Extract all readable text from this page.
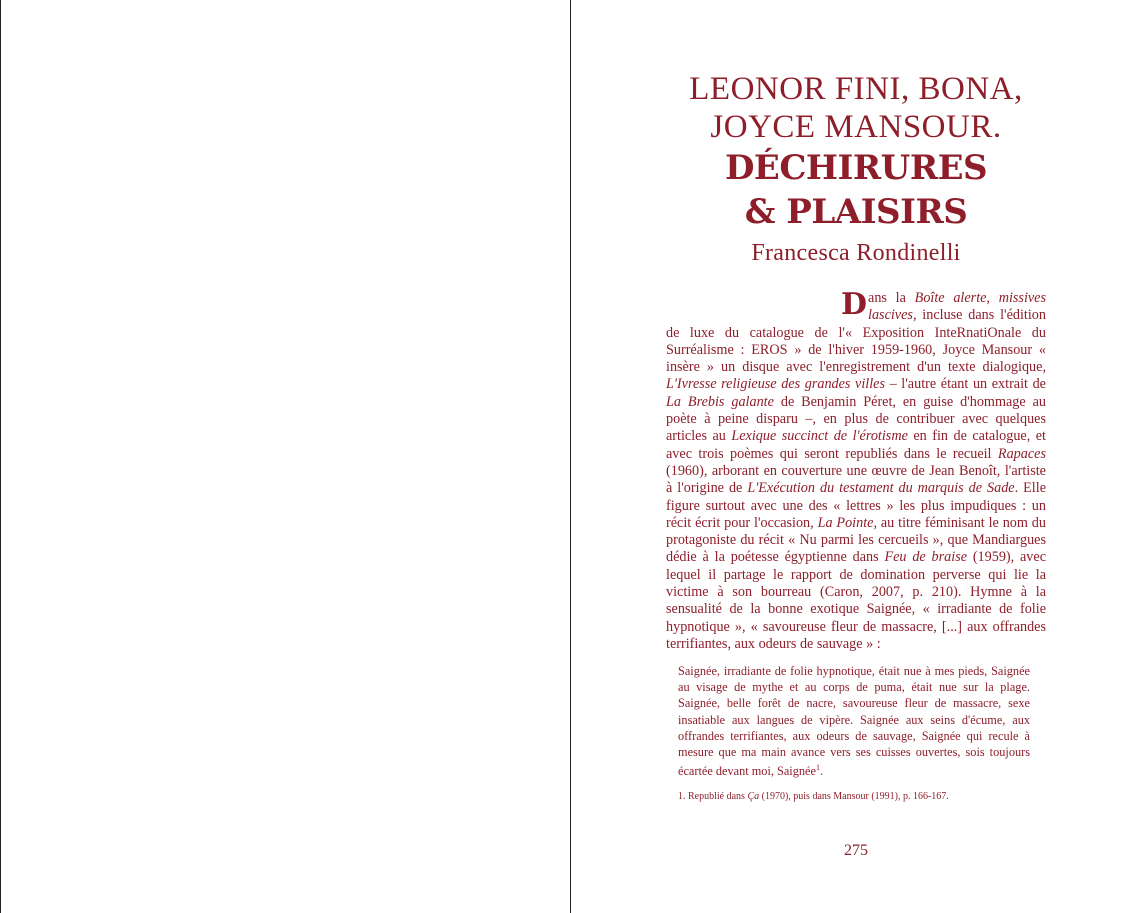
LEONOR FINI, BONA,

JOYCE MANSOUR.

DÉCHIRURES

& PLAISIRS

Francesca Rondinelli
Dans la Boîte alerte, missives lascives, incluse dans l'édition de luxe du catalogue de l'« Exposition InteRnatiOnale du Surréalisme : EROS » de l'hiver 1959-1960, Joyce Mansour « insère » un disque avec l'enregistrement d'un texte dialogique, L'Ivresse religieuse des grandes villes – l'autre étant un extrait de La Brebis galante de Benjamin Péret, en guise d'hommage au poète à peine disparu –, en plus de contribuer avec quelques articles au Lexique succinct de l'érotisme en fin de catalogue, et avec trois poèmes qui seront republiés dans le recueil Rapaces (1960), arborant en couverture une œuvre de Jean Benoît, l'artiste à l'origine de L'Exécution du testament du marquis de Sade. Elle figure surtout avec une des « lettres » les plus impudiques : un récit écrit pour l'occasion, La Pointe, au titre féminisant le nom du protagoniste du récit « Nu parmi les cercueils », que Mandiargues dédie à la poétesse égyptienne dans Feu de braise (1959), avec lequel il partage le rapport de domination perverse qui lie la victime à son bourreau (Caron, 2007, p. 210). Hymne à la sensualité de la bonne exotique Saignée, « irradiante de folie hypnotique », « savoureuse fleur de massacre, [...] aux offrandes terrifiantes, aux odeurs de sauvage » :
Saignée, irradiante de folie hypnotique, était nue à mes pieds, Saignée au visage de mythe et au corps de puma, était nue sur la plage. Saignée, belle forêt de nacre, savoureuse fleur de massacre, sexe insatiable aux langues de vipère. Saignée aux seins d'écume, aux offrandes terrifiantes, aux odeurs de sauvage, Saignée qui recule à mesure que ma main avance vers ses cuisses ouvertes, sois toujours écartée devant moi, Saignée$^1$.
1. Republié dans Ça (1970), puis dans Mansour (1991), p. 166-167.
275
